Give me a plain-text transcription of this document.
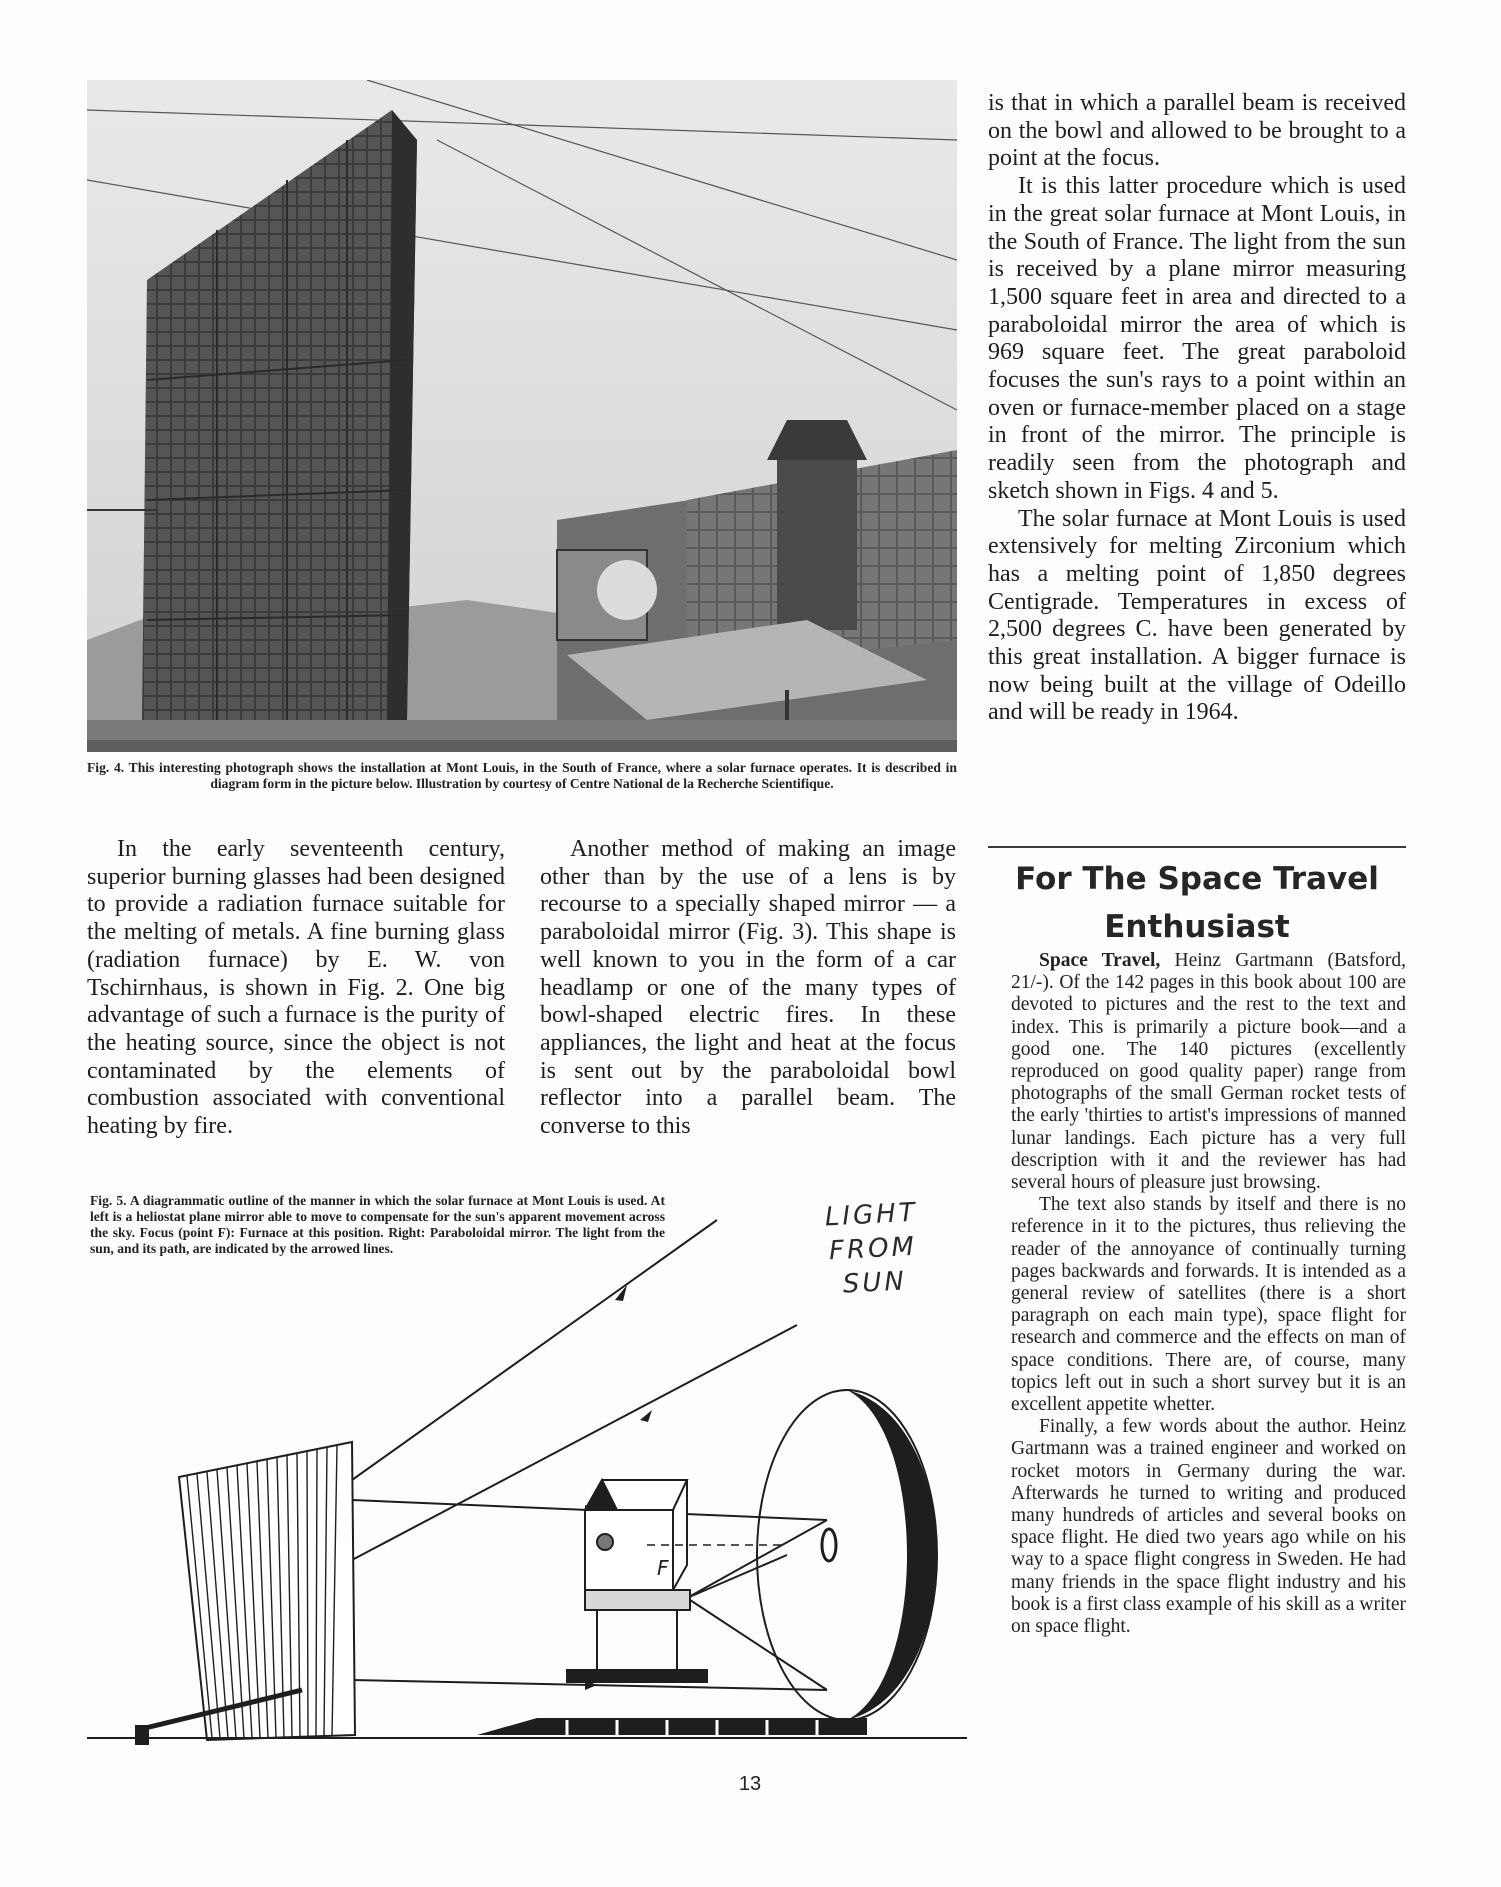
Fig. 4. This interesting photograph shows the installation at Mont Louis, in the South of France, where a solar furnace operates. It is described in diagram form in the picture below. Illustration by courtesy of Centre National de la Recherche Scientifique.

In the early seventeenth century, superior burning glasses had been designed to provide a radiation furnace suitable for the melting of metals. A fine burning glass (radiation furnace) by E. W. von Tschirnhaus, is shown in Fig. 2. One big advantage of such a furnace is the purity of the heating source, since the object is not contaminated by the elements of combustion associated with conventional heating by fire.

Another method of making an image other than by the use of a lens is by recourse to a specially shaped mirror — a paraboloidal mirror (Fig. 3). This shape is well known to you in the form of a car headlamp or one of the many types of bowl-shaped electric fires. In these appliances, the light and heat at the focus is sent out by the paraboloidal bowl reflector into a parallel beam. The converse to this

is that in which a parallel beam is received on the bowl and allowed to be brought to a point at the focus.

It is this latter procedure which is used in the great solar furnace at Mont Louis, in the South of France. The light from the sun is received by a plane mirror measuring 1,500 square feet in area and directed to a paraboloidal mirror the area of which is 969 square feet. The great paraboloid focuses the sun's rays to a point within an oven or furnace-member placed on a stage in front of the mirror. The principle is readily seen from the photograph and sketch shown in Figs. 4 and 5.

The solar furnace at Mont Louis is used extensively for melting Zirconium which has a melting point of 1,850 degrees Centigrade. Temperatures in excess of 2,500 degrees C. have been generated by this great installation. A bigger furnace is now being built at the village of Odeillo and will be ready in 1964.

For The Space Travel Enthusiast

Space Travel, Heinz Gartmann (Batsford, 21/-). Of the 142 pages in this book about 100 are devoted to pictures and the rest to the text and index. This is primarily a picture book—and a good one. The 140 pictures (excellently reproduced on good quality paper) range from photographs of the small German rocket tests of the early 'thirties to artist's impressions of manned lunar landings. Each picture has a very full description with it and the reviewer has had several hours of pleasure just browsing.

The text also stands by itself and there is no reference in it to the pictures, thus relieving the reader of the annoyance of continually turning pages backwards and forwards. It is intended as a general review of satellites (there is a short paragraph on each main type), space flight for research and commerce and the effects on man of space conditions. There are, of course, many topics left out in such a short survey but it is an excellent appetite whetter.

Finally, a few words about the author. Heinz Gartmann was a trained engineer and worked on rocket motors in Germany during the war. Afterwards he turned to writing and produced many hundreds of articles and several books on space flight. He died two years ago while on his way to a space flight congress in Sweden. He had many friends in the space flight industry and his book is a first class example of his skill as a writer on space flight.

F
Fig. 5. A diagrammatic outline of the manner in which the solar furnace at Mont Louis is used. At left is a heliostat plane mirror able to move to compensate for the sun's apparent movement across the sky. Focus (point F): Furnace at this position. Right: Paraboloidal mirror. The light from the sun, and its path, are indicated by the arrowed lines.
LIGHT FROM
SUN
13
